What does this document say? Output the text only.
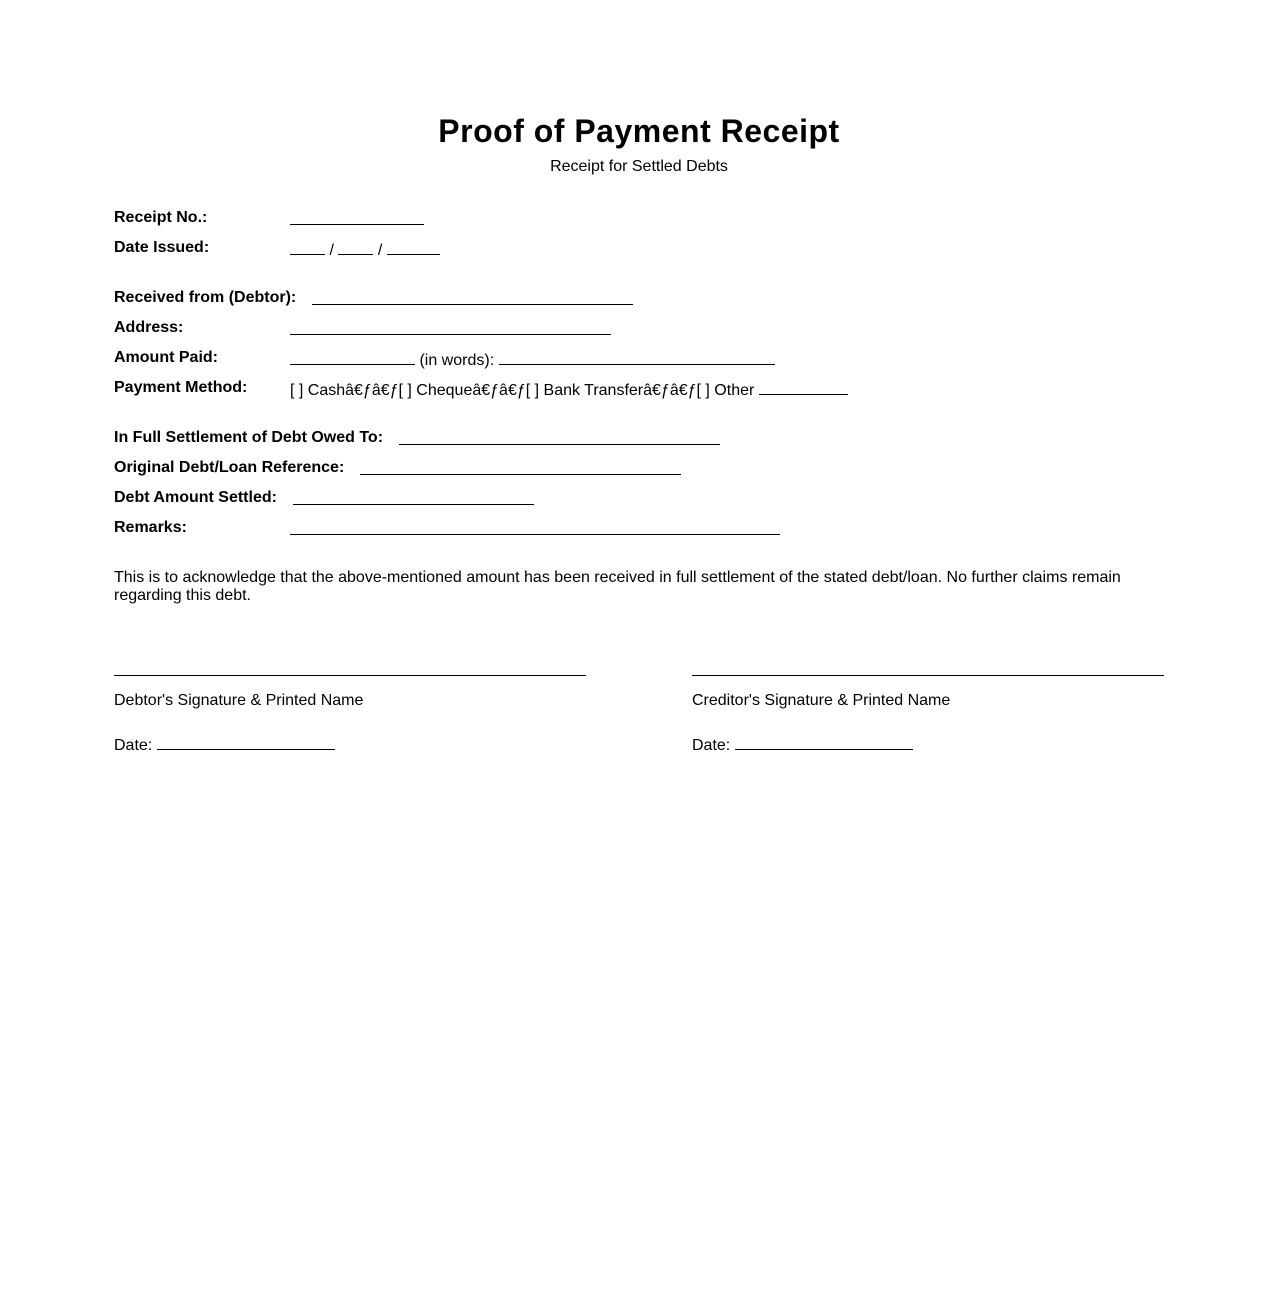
Proof of Payment Receipt
Receipt for Settled Debts
Receipt No.:
Date Issued:	/	/
Received from (Debtor):
Address:
Amount Paid:	(in words):
Payment Method:	[ ] Cashâ€ƒâ€ƒ[ ] Chequeâ€ƒâ€ƒ[ ] Bank Transferâ€ƒâ€ƒ[ ] Other
In Full Settlement of Debt Owed To:
Original Debt/Loan Reference:
Debt Amount Settled:
Remarks:
This is to acknowledge that the above-mentioned amount has been received in full settlement of the stated debt/loan. No further claims remain regarding this debt.
Debtor's Signature & Printed Name
Date:
Creditor's Signature & Printed Name
Date:
